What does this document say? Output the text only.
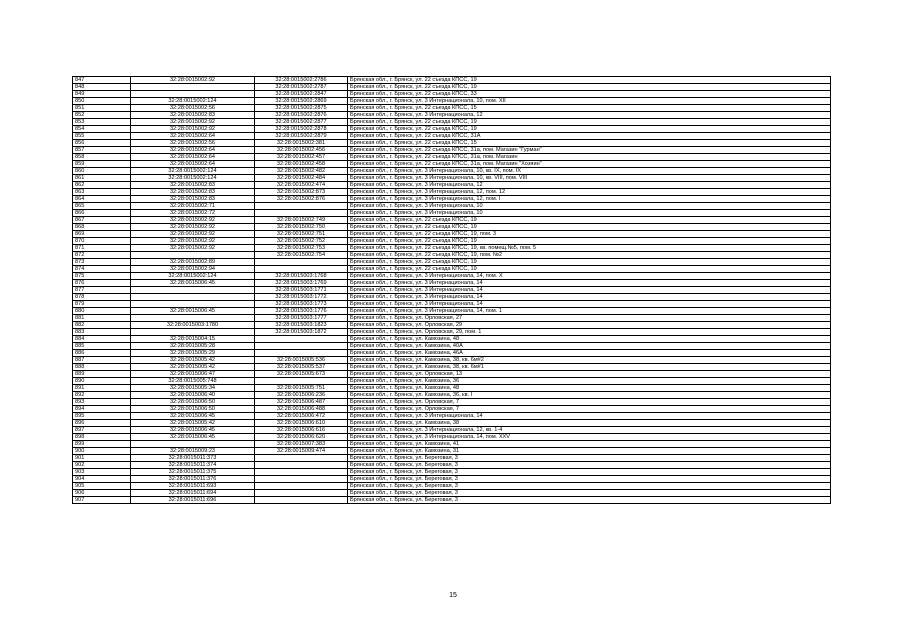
847	32:28:0015002:92	32:28:0015002:2786	Брянская обл., г. Брянск, ул. 22 съезда КПСС, 19
848		32:28:0015002:2787	Брянская обл., г. Брянск, ул. 22 съезда КПСС, 19
849		32:28:0015002:2847	Брянская обл., г. Брянск, ул. 22 съезда КПСС, 33
850	32:28:0015002:124	32:28:0015002:2869	Брянская обл., г. Брянск, ул. 3 Интернационала, 10, пом. XII
851	32:28:0015002:56	32:28:0015002:2875	Брянская обл., г. Брянск, ул. 22 съезда КПСС, 15
852	32:28:0015002:83	32:28:0015002:2876	Брянская обл., г. Брянск, ул. 3 Интернационала, 12
853	32:28:0015002:92	32:28:0015002:2877	Брянская обл., г. Брянск, ул. 22 съезда КПСС, 19
854	32:28:0015002:92	32:28:0015002:2878	Брянская обл., г. Брянск, ул. 22 съезда КПСС, 19
855	32:28:0015002:64	32:28:0015002:2879	Брянская обл., г. Брянск, ул. 22 съезда КПСС, 31А
856	32:28:0015002:56	32:28:0015002:381	Брянская обл., г. Брянск, ул. 22 съезда КПСС, 15
857	32:28:0015002:64	32:28:0015002:456	Брянская обл., г. Брянск, ул. 22 съезда КПСС, 31а, пом. Магазин "Гурман"
858	32:28:0015002:64	32:28:0015002:457	Брянская обл., г. Брянск, ул. 22 съезда КПСС, 31а, пом. Магазин
859	32:28:0015002:64	32:28:0015002:458	Брянская обл., г. Брянск, ул. 22 съезда КПСС, 31а, пом. Магазин "Хозяин"
860	32:28:0015002:124	32:28:0015002:482	Брянская обл., г. Брянск, ул. 3 Интернационала, 10, кв. IX, пом. IX
861	32:28:0015002:124	32:28:0015002:484	Брянская обл., г. Брянск, ул. 3 Интернационала, 10, кв. VIII, пом. VIII
862	32:28:0015002:83	32:28:0015002:474	Брянская обл., г. Брянск, ул. 3 Интернационала, 12
863	32:28:0015002:83	32:28:0015002:873	Брянская обл., г. Брянск, ул. 3 Интернационала, 12, пом. 12
864	32:28:0015002:83	32:28:0015002:876	Брянская обл., г. Брянск, ул. 3 Интернационала, 12, пом. I
865	32:28:0015002:71		Брянская обл., г. Брянск, ул. 3 Интернационала, 10
866	32:28:0015002:72		Брянская обл., г. Брянск, ул. 3 Интернационала, 10
867	32:28:0015002:92	32:28:0015002:749	Брянская обл., г. Брянск, ул. 22 съезда КПСС, 19
868	32:28:0015002:92	32:28:0015002:750	Брянская обл., г. Брянск, ул. 22 съезда КПСС, 19
869	32:28:0015002:92	32:28:0015002:751	Брянская обл., г. Брянск, ул. 22 съезда КПСС, 19, пом. 3
870	32:28:0015002:92	32:28:0015002:752	Брянская обл., г. Брянск, ул. 22 съезда КПСС, 19
871	32:28:0015002:92	32:28:0015002:753	Брянская обл., г. Брянск, ул. 22 съезда КПСС, 19, кв. помещ.№5, пом. 5
872		32:28:0015002:754	Брянская обл., г. Брянск, ул. 22 съезда КПСС, 19, пом. №2
873	32:28:0015002:89		Брянская обл., г. Брянск, ул. 22 съезда КПСС, 19
874	32:28:0015002:94		Брянская обл., г. Брянск, ул. 22 съезда КПСС, 19
875	32:28:0015002:124	32:28:0015003:1768	Брянская обл., г. Брянск, ул. 3 Интернационала, 14, пом. X
876	32:28:0015006:45	32:28:0015003:1769	Брянская обл., г. Брянск, ул. 3 Интернационала, 14
877		32:28:0015003:1771	Брянская обл., г. Брянск, ул. 3 Интернационала, 14
878		32:28:0015003:1772	Брянская обл., г. Брянск, ул. 3 Интернационала, 14
879		32:28:0015003:1773	Брянская обл., г. Брянск, ул. 3 Интернационала, 14
880	32:28:0015006:45	32:28:0015003:1776	Брянская обл., г. Брянск, ул. 3 Интернационала, 14, пом. 1
881		32:28:0015003:1777	Брянская обл., г. Брянск, ул. Орловская, 27
882	32:28:0015003:1780	32:28:0015003:1823	Брянская обл., г. Брянск, ул. Орловская, 29
883		32:28:0015003:1872	Брянская обл., г. Брянск, ул. Орловская, 29, пом. 1
884	32:28:0015004:15		Брянская обл., г. Брянск, ул. Камозина, 48
885	32:28:0015005:28		Брянская обл., г. Брянск, ул. Камозина, 40А
886	32:28:0015005:29		Брянская обл., г. Брянск, ул. Камозина, 46А
887	32:28:0015005:42	32:28:0015005:536	Брянская обл., г. Брянск, ул. Камозина, 38, кв. 6м#2
888	32:28:0015005:42	32:28:0015005:537	Брянская обл., г. Брянск, ул. Камозина, 38, кв. 6м#1
889	32:28:0015006:47	32:28:0015005:673	Брянская обл., г. Брянск, ул. Орловская, 13
890	32:28:0015005:748		Брянская обл., г. Брянск, ул. Камозина, 36
891	32:28:0015005:34	32:28:0015005:751	Брянская обл., г. Брянск, ул. Камозина, 48
892	32:28:0015006:40	32:28:0015006:236	Брянская обл., г. Брянск, ул. Камозина, 36, кв. I
893	32:28:0015006:50	32:28:0015006:487	Брянская обл., г. Брянск, ул. Орловская, 7
894	32:28:0015006:50	32:28:0015006:488	Брянская обл., г. Брянск, ул. Орловская, 7
895	32:28:0015006:45	32:28:0015006:472	Брянская обл., г. Брянск, ул. 3 Интернационала, 14
896	32:28:0015005:42	32:28:0015006:610	Брянская обл., г. Брянск, ул. Камозина, 38
897	32:28:0015006:45	32:28:0015006:616	Брянская обл., г. Брянск, ул. 3 Интернационала, 12, кв. 1-4
898	32:28:0015006:45	32:28:0015006:620	Брянская обл., г. Брянск, ул. 3 Интернационала, 14, пом. XXV
899		32:28:0015007:383	Брянская обл., г. Брянск, ул. Камозина, 41
900	32:28:0015009:23	32:28:0015009:474	Брянская обл., г. Брянск, ул. Камозина, 31
901	32:28:0015011:373		Брянская обл., г. Брянск, ул. Береговая, 3
902	32:28:0015011:374		Брянская обл., г. Брянск, ул. Береговая, 3
903	32:28:0015011:375		Брянская обл., г. Брянск, ул. Береговая, 3
904	32:28:0015011:376		Брянская обл., г. Брянск, ул. Береговая, 3
905	32:28:0015011:693		Брянская обл., г. Брянск, ул. Береговая, 3
906	32:28:0015011:694		Брянская обл., г. Брянск, ул. Береговая, 3
907	32:28:0015011:696		Брянская обл., г. Брянск, ул. Береговая, 3
15
